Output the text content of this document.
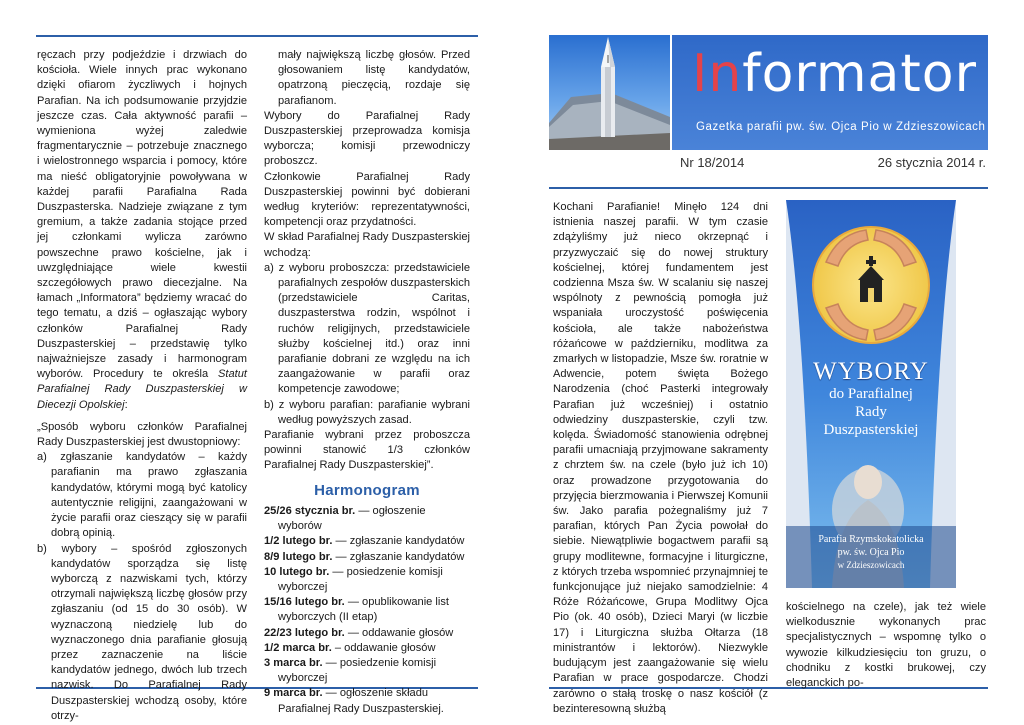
ręczach przy podjeździe i drzwiach do kościoła. Wiele innych prac wykonano dzięki ofiarom życzliwych i hojnych Parafian. Na ich podsumowanie przyjdzie jeszcze czas. Cała aktywność parafii – wymieniona wyżej zaledwie fragmentarycznie – potrzebuje znacznego i wielostronnego wsparcia i pomocy, które ma nieść obligatoryjnie powoływana w każdej parafii Parafialna Rada Duszpasterska. Nadzieje związane z tym gremium, a także zadania stojące przed jej członkami wylicza zarówno powszechne prawo kościelne, jak i uwzględniające wiele kwestii szczegółowych prawo diecezjalne. Na łamach „Informatora” będziemy wracać do tego tematu, a dziś – ogłaszając wybory członków Parafialnej Rady Duszpasterskiej – przedstawię tylko najważniejsze zasady i harmonogram wyborów. Procedury te określa Statut Parafialnej Rady Duszpasterskiej w Diecezji Opolskiej:

„Sposób wyboru członków Parafialnej Rady Duszpasterskiej jest dwustopniowy:

a) zgłaszanie kandydatów – każdy parafianin ma prawo zgłaszania kandydatów, którymi mogą być katolicy autentycznie religijni, zaangażowani w życie parafii oraz cieszący się w parafii dobrą opinią.

b) wybory – spośród zgłoszonych kandydatów sporządza się listę wyborczą z nazwiskami tych, którzy otrzymali największą liczbę głosów przy zgłaszaniu (od 15 do 30 osób). W wyznaczoną niedzielę lub do wyznaczonego dnia parafianie głosują przez zaznaczenie na liście kandydatów jednego, dwóch lub trzech nazwisk. Do Parafialnej Rady Duszpasterskiej wchodzą osoby, które otrzy-

mały największą liczbę głosów. Przed głosowaniem listę kandydatów, opatrzoną pieczęcią, rozdaje się parafianom.

Wybory do Parafialnej Rady Duszpasterskiej przeprowadza komisja wyborcza; komisji przewodniczy proboszcz.

Członkowie Parafialnej Rady Duszpasterskiej powinni być dobierani według kryteriów: reprezentatywności, kompetencji oraz przydatności.

W skład Parafialnej Rady Duszpasterskiej wchodzą:

a) z wyboru proboszcza: przedstawiciele parafialnych zespołów duszpasterskich (przedstawiciele Caritas, duszpasterstwa rodzin, wspólnot i ruchów religijnych, przedstawiciele służby kościelnej itd.) oraz inni parafianie dobrani ze względu na ich zaangażowanie w parafii oraz kompetencje zawodowe;

b) z wyboru parafian: parafianie wybrani według powyższych zasad.

Parafianie wybrani przez proboszcza powinni stanowić 1/3 członków Parafialnej Rady Duszpasterskiej”.

Harmonogram

25/26 stycznia br. — ogłoszenie wyborów

1/2 lutego br. — zgłaszanie kandydatów

8/9 lutego br. — zgłaszanie kandydatów

10 lutego br. — posiedzenie komisji wyborczej

15/16 lutego br. — opublikowanie list wyborczych (II etap)

22/23 lutego br. — oddawanie głosów

1/2 marca br. – oddawanie głosów

3 marca br. — posiedzenie komisji wyborczej

9 marca br. — ogłoszenie składu Parafialnej Rady Duszpasterskiej.

Informator
Gazetka parafii pw. św. Ojca Pio w Zdzieszowicach
Nr 18/2014	26 stycznia 2014 r.

Kochani Parafianie! Minęło 124 dni istnienia naszej parafii. W tym czasie zdążyliśmy już nieco okrzepnąć i przyzwyczaić się do nowej struktury kościelnej, której fundamentem jest codzienna Msza św. W scalaniu się naszej wspólnoty z pewnością pomogła już wspaniała uroczystość poświęcenia kościoła, ale także nabożeństwa różańcowe w październiku, modlitwa za zmarłych w listopadzie, Msze św. roratnie w Adwencie, potem święta Bożego Narodzenia (choć Pasterki integrowały Parafian już wcześniej) i ostatnio odwiedziny duszpasterskie, czyli tzw. kolęda. Świadomość stanowienia odrębnej parafii umacniają przyjmowane sakramenty z chrztem św. na czele (było już ich 10) oraz prowadzone przygotowania do przyjęcia bierzmowania i Pierwszej Komunii św. Jako parafia pożegnaliśmy już 7 parafian, których Pan Życia powołał do siebie. Niewątpliwie bogactwem parafii są grupy modlitewne, formacyjne i liturgiczne, z których trzeba wspomnieć przynajmniej te funkcjonujące już niejako samodzielnie: 4 Róże Różańcowe, Grupa Modlitwy Ojca Pio (ok. 40 osób), Dzieci Maryi (w liczbie 17) i Liturgiczna służba Ołtarza (18 ministrantów i lektorów). Niezwykle budującym jest zaangażowanie się wielu Parafian w prace gospodarcze. Chodzi zarówno o stałą troskę o nasz kościół (z bezinteresowną służbą

kościelnego na czele), jak też wiele wielkodusznie wykonanych prac specjalistycznych – wspomnę tylko o wywozie kilkudziesięciu ton gruzu, o chodniku z kostki brukowej, czy eleganckich po-

WYBORY
do Parafialnej
Rady
Duszpasterskiej
Parafia Rzymskokatolicka
pw. św. Ojca Pio
w Zdzieszowicach
